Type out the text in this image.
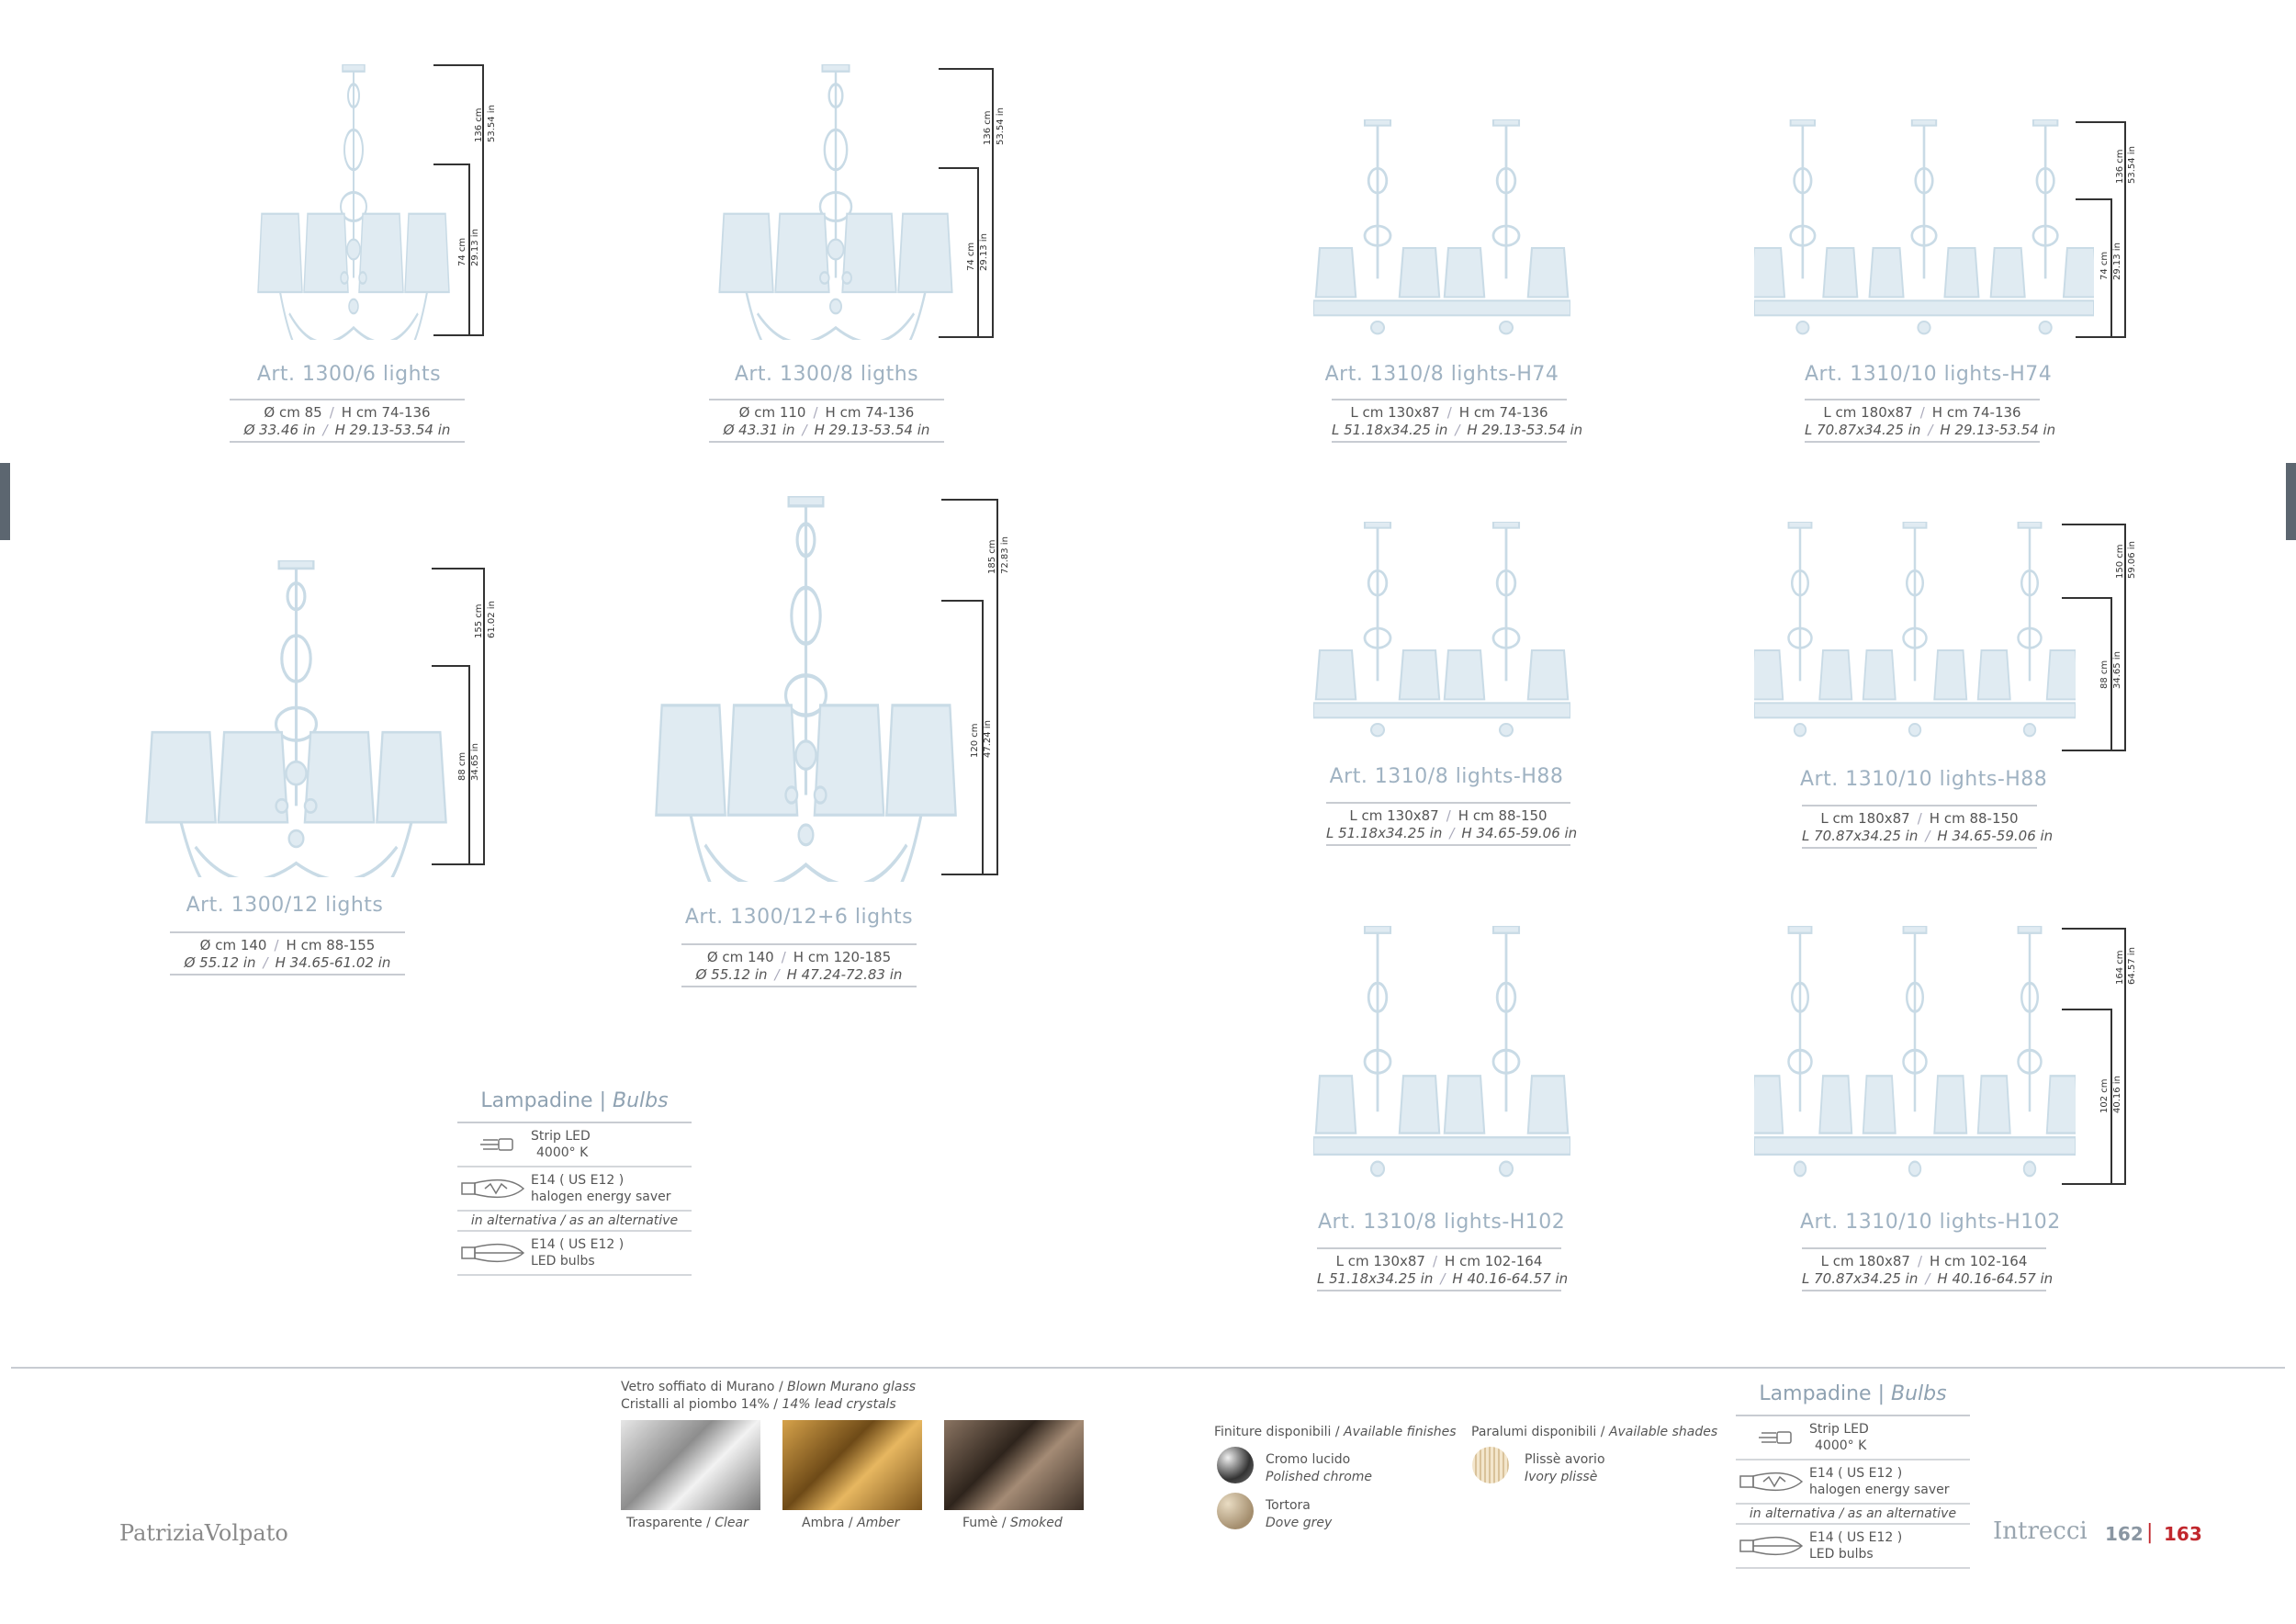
136 cm 53.54 in
74 cm 29.13 in
Art. 1300/6 lights
Ø cm 85 / H cm 74-136
Ø 33.46 in / H 29.13-53.54 in
136 cm 53.54 in
74 cm 29.13 in
Art. 1300/8 ligths
Ø cm 110 / H cm 74-136
Ø 43.31 in / H 29.13-53.54 in
Art. 1310/8 lights-H74
L cm 130x87 / H cm 74-136
L 51.18x34.25 in / H 29.13-53.54 in
136 cm 53.54 in
74 cm 29.13 in
Art. 1310/10 lights-H74
L cm 180x87 / H cm 74-136
L 70.87x34.25 in / H 29.13-53.54 in
155 cm 61.02 in
88 cm 34.65 in
Art. 1300/12 lights
Ø cm 140 / H cm 88-155
Ø 55.12 in / H 34.65-61.02 in
185 cm 72.83 in
120 cm 47.24 in
Art. 1300/12+6 lights
Ø cm 140 / H cm 120-185
Ø 55.12 in / H 47.24-72.83 in
Art. 1310/8 lights-H88
L cm 130x87 / H cm 88-150
L 51.18x34.25 in / H 34.65-59.06 in
150 cm 59.06 in
88 cm 34.65 in
Art. 1310/10 lights-H88
L cm 180x87 / H cm 88-150
L 70.87x34.25 in / H 34.65-59.06 in
Lampadine | Bulbs
Strip LED
4000° K
E14 ( US E12 )
halogen energy saver
in alternativa / as an alternative
E14 ( US E12 )
LED bulbs
Art. 1310/8 lights-H102
L cm 130x87 / H cm 102-164
L 51.18x34.25 in / H 40.16-64.57 in
164 cm 64.57 in
102 cm 40.16 in
Art. 1310/10 lights-H102
L cm 180x87 / H cm 102-164
L 70.87x34.25 in / H 40.16-64.57 in
Vetro soffiato di Murano / Blown Murano glass
Cristalli al piombo 14% / 14% lead crystals
Trasparente / Clear	Ambra / Amber	Fumè / Smoked
Finiture disponibili / Available finishes
Cromo lucido
Polished chrome
Tortora
Dove grey
Paralumi disponibili / Available shades
Plissè avorio
Ivory plissè
Lampadine | Bulbs
Strip LED
4000° K
E14 ( US E12 )
halogen energy saver
in alternativa / as an alternative
E14 ( US E12 )
LED bulbs
PatriziaVolpato	Intrecci 162 | 163
